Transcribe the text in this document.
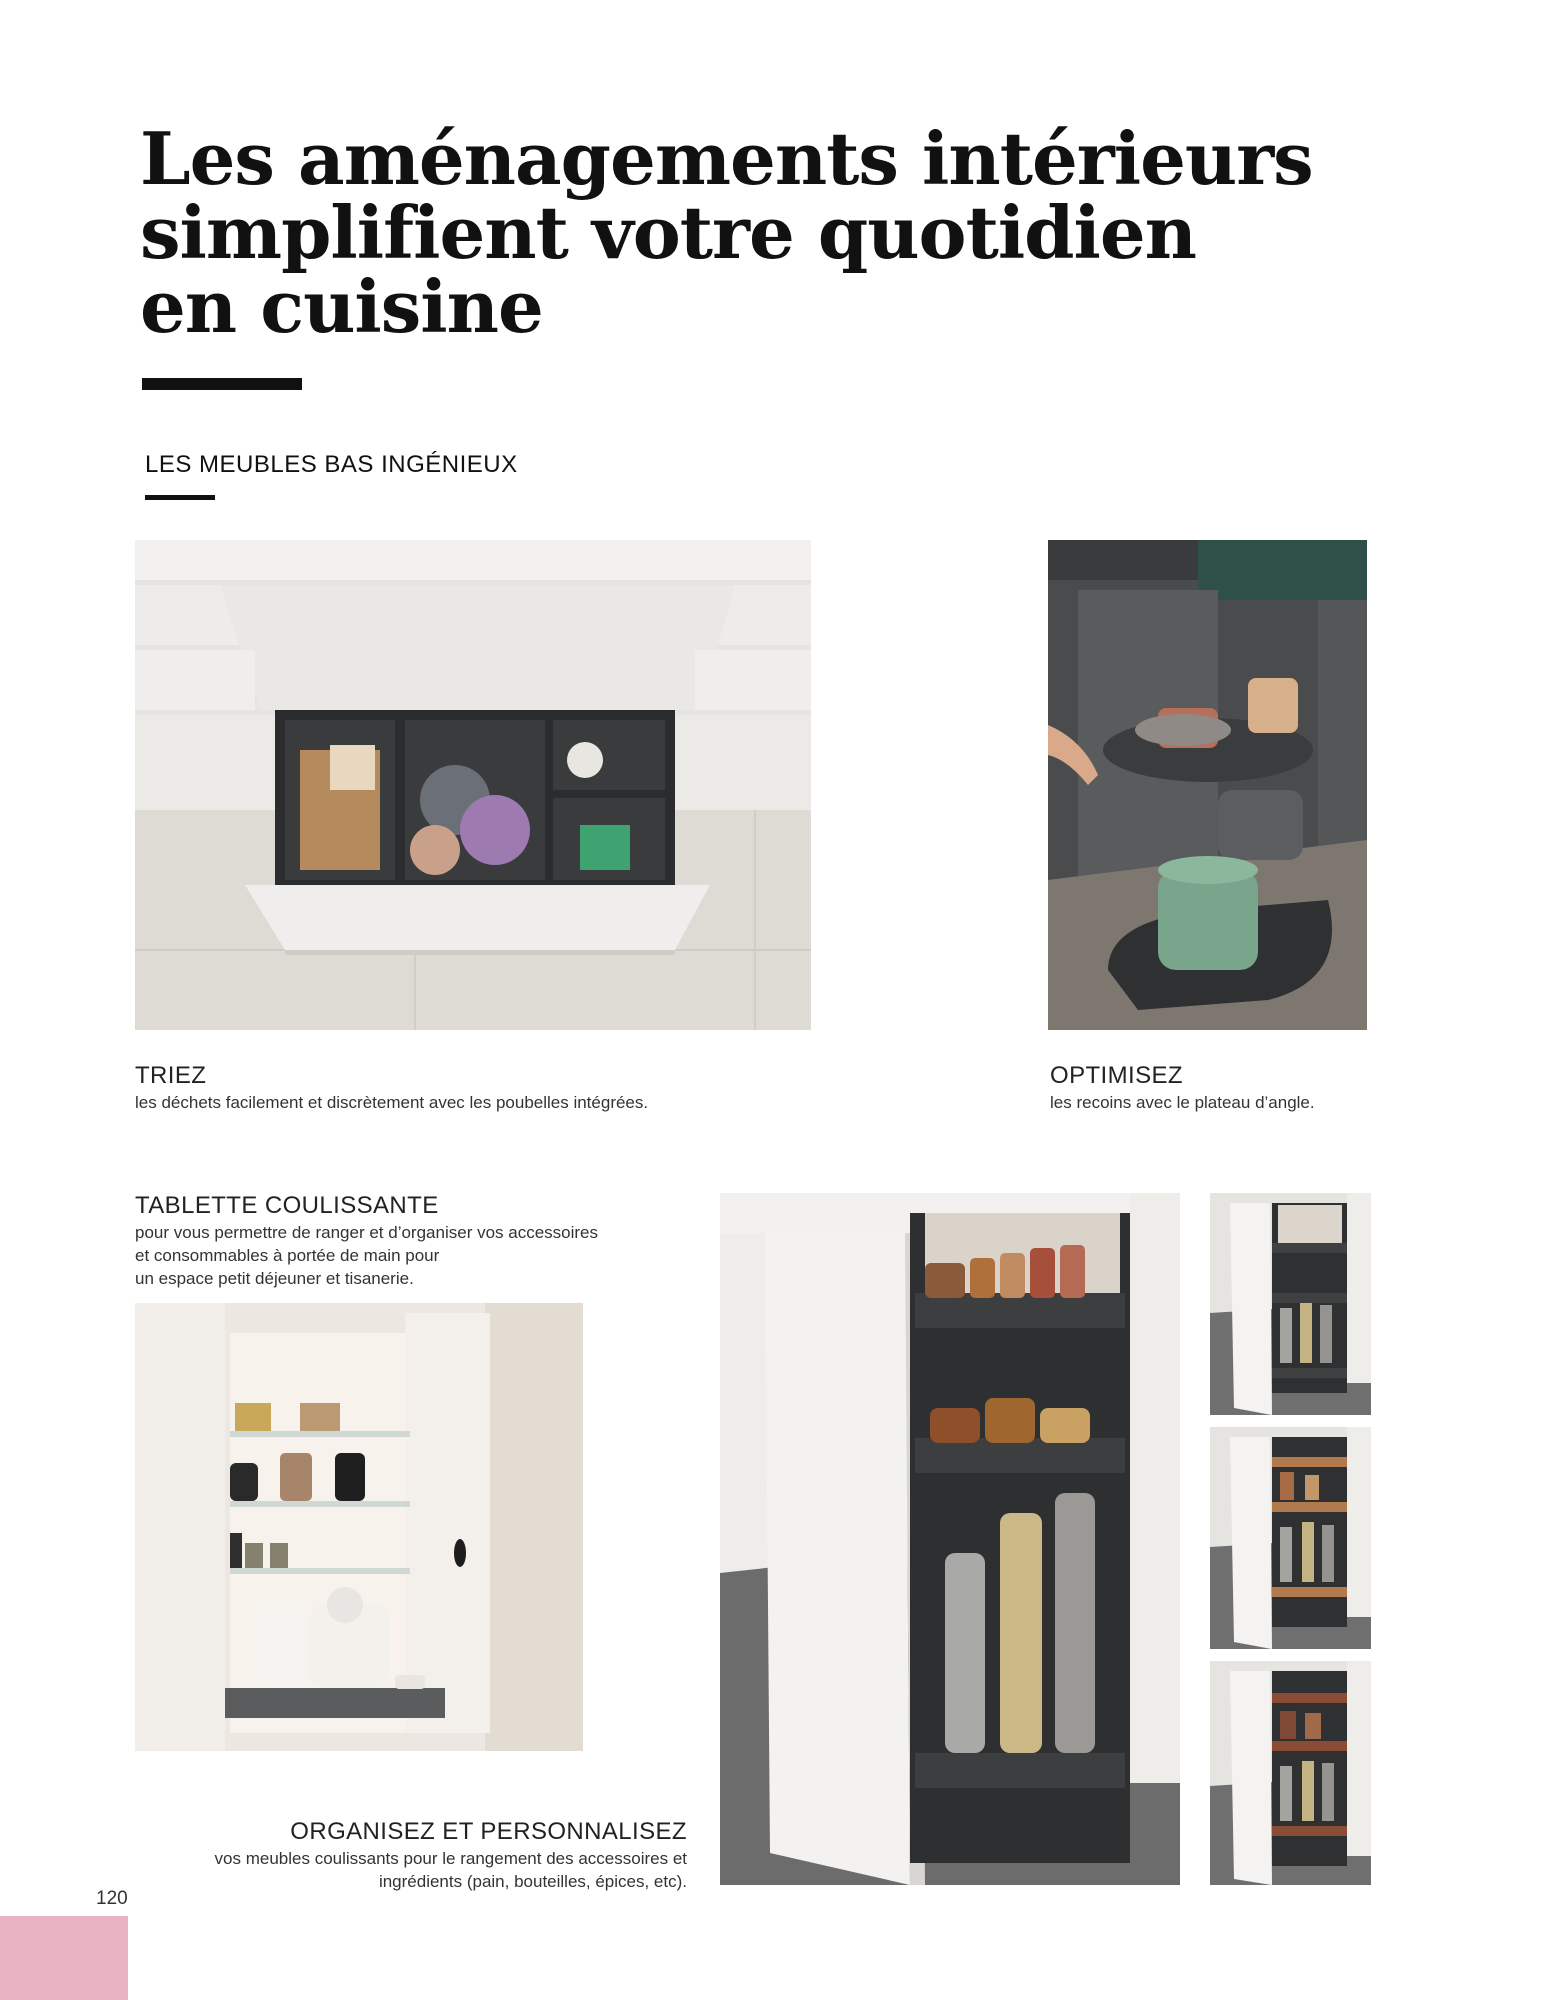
Les aménagements intérieurs
simplifient votre quotidien
en cuisine
LES MEUBLES BAS INGÉNIEUX

TRIEZ

les déchets facilement et discrètement avec les poubelles intégrées.

OPTIMISEZ

les recoins avec le plateau d’angle.

TABLETTE COULISSANTE

pour vous permettre de ranger et d’organiser vos accessoires
et consommables à portée de main pour
un espace petit déjeuner et tisanerie.

ORGANISEZ ET PERSONNALISEZ

vos meubles coulissants pour le rangement des accessoires et
ingrédients (pain, bouteilles, épices, etc).

120
